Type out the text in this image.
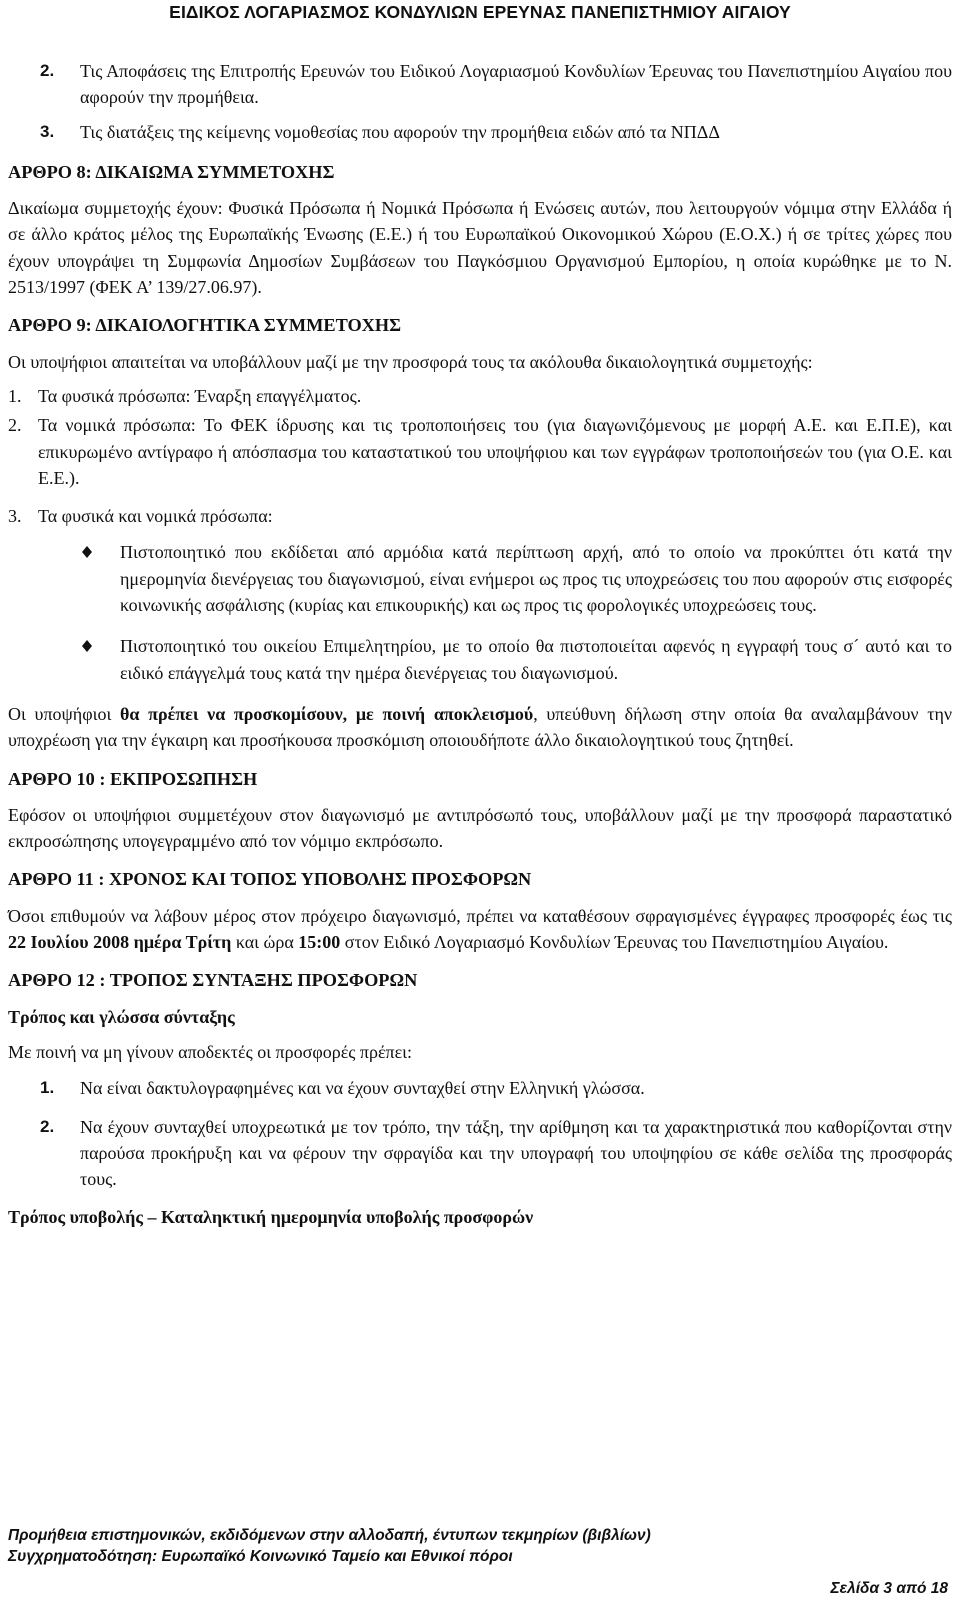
ΕΙΔΙΚΟΣ ΛΟΓΑΡΙΑΣΜΟΣ ΚΟΝΔΥΛΙΩΝ ΕΡΕΥΝΑΣ ΠΑΝΕΠΙΣΤΗΜΙΟΥ ΑΙΓΑΙΟΥ
2. Τις Αποφάσεις της Επιτροπής Ερευνών του Ειδικού Λογαριασμού Κονδυλίων Έρευνας του Πανεπιστημίου Αιγαίου που αφορούν την προμήθεια.
3. Τις διατάξεις της κείμενης νομοθεσίας που αφορούν την προμήθεια ειδών από τα ΝΠΔΔ

ΑΡΘΡΟ 8: ΔΙΚΑΙΩΜΑ ΣΥΜΜΕΤΟΧΗΣ

Δικαίωμα συμμετοχής έχουν: Φυσικά Πρόσωπα ή Νομικά Πρόσωπα ή Ενώσεις αυτών, που λειτουργούν νόμιμα στην Ελλάδα ή σε άλλο κράτος μέλος της Ευρωπαϊκής Ένωσης (Ε.Ε.) ή του Ευρωπαϊκού Οικονομικού Χώρου (Ε.Ο.Χ.) ή σε τρίτες χώρες που έχουν υπογράψει τη Συμφωνία Δημοσίων Συμβάσεων του Παγκόσμιου Οργανισμού Εμπορίου, η οποία κυρώθηκε με το Ν. 2513/1997 (ΦΕΚ Α’ 139/27.06.97).

ΑΡΘΡΟ 9: ΔΙΚΑΙΟΛΟΓΗΤΙΚΑ ΣΥΜΜΕΤΟΧΗΣ

Οι υποψήφιοι απαιτείται να υποβάλλουν μαζί με την προσφορά τους τα ακόλουθα δικαιολογητικά συμμετοχής:

1. Τα φυσικά πρόσωπα: Έναρξη επαγγέλματος.
2. Τα νομικά πρόσωπα: Το ΦΕΚ ίδρυσης και τις τροποποιήσεις του (για διαγωνιζόμενους με μορφή Α.Ε. και Ε.Π.Ε), και επικυρωμένο αντίγραφο ή απόσπασμα του καταστατικού του υποψήφιου και των εγγράφων τροποποιήσεών του (για Ο.Ε. και Ε.Ε.).
3. Τα φυσικά και νομικά πρόσωπα:
Πιστοποιητικό που εκδίδεται από αρμόδια κατά περίπτωση αρχή, από το οποίο να προκύπτει ότι κατά την ημερομηνία διενέργειας του διαγωνισμού, είναι ενήμεροι ως προς τις υποχρεώσεις του που αφορούν στις εισφορές κοινωνικής ασφάλισης (κυρίας και επικουρικής) και ως προς τις φορολογικές υποχρεώσεις τους.
Πιστοποιητικό του οικείου Επιμελητηρίου, με το οποίο θα πιστοποιείται αφενός η εγγραφή τους σ´ αυτό και το ειδικό επάγγελμά τους κατά την ημέρα διενέργειας του διαγωνισμού.

Οι υποψήφιοι θα πρέπει να προσκομίσουν, με ποινή αποκλεισμού, υπεύθυνη δήλωση στην οποία θα αναλαμβάνουν την υποχρέωση για την έγκαιρη και προσήκουσα προσκόμιση οποιουδήποτε άλλο δικαιολογητικού τους ζητηθεί.

ΑΡΘΡΟ 10 : ΕΚΠΡΟΣΩΠΗΣΗ

Εφόσον οι υποψήφιοι συμμετέχουν στον διαγωνισμό με αντιπρόσωπό τους, υποβάλλουν μαζί με την προσφορά παραστατικό εκπροσώπησης υπογεγραμμένο από τον νόμιμο εκπρόσωπο.

ΑΡΘΡΟ 11 : ΧΡΟΝΟΣ ΚΑΙ ΤΟΠΟΣ ΥΠΟΒΟΛΗΣ ΠΡΟΣΦΟΡΩΝ

Όσοι επιθυμούν να λάβουν μέρος στον πρόχειρο διαγωνισμό, πρέπει να καταθέσουν σφραγισμένες έγγραφες προσφορές έως τις 22 Ιουλίου 2008 ημέρα Τρίτη και ώρα 15:00 στον Ειδικό Λογαριασμό Κονδυλίων Έρευνας του Πανεπιστημίου Αιγαίου.

ΑΡΘΡΟ 12 : ΤΡΟΠΟΣ ΣΥΝΤΑΞΗΣ ΠΡΟΣΦΟΡΩΝ

Τρόπος και γλώσσα σύνταξης

Με ποινή να μη γίνουν αποδεκτές οι προσφορές πρέπει:

1. Να είναι δακτυλογραφημένες και να έχουν συνταχθεί στην Ελληνική γλώσσα.
2. Να έχουν συνταχθεί υποχρεωτικά με τον τρόπο, την τάξη, την αρίθμηση και τα χαρακτηριστικά που καθορίζονται στην παρούσα προκήρυξη και να φέρουν την σφραγίδα και την υπογραφή του υποψηφίου σε κάθε σελίδα της προσφοράς τους.

Τρόπος υποβολής – Καταληκτική ημερομηνία υποβολής προσφορών

Προμήθεια επιστημονικών, εκδιδόμενων στην αλλοδαπή, έντυπων τεκμηρίων (βιβλίων)
Συγχρηματοδότηση: Ευρωπαϊκό Κοινωνικό Ταμείο και Εθνικοί πόροι
Σελίδα 3 από 18
